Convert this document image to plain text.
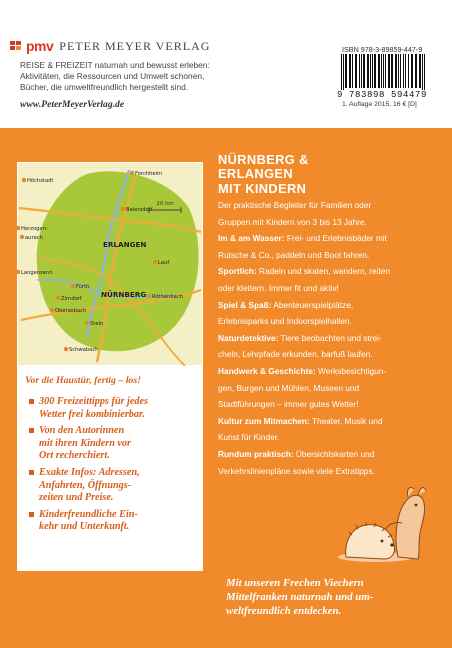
pmv PETER MEYER VERLAG
REISE & FREIZEIT naturnah und bewusst erleben:
Aktivitäten, die Ressourcen und Umwelt schonen,
Bücher, die umweltfreundlich hergestellt sind.
www.PeterMeyerVerlag.de
ISBN 978-3-89859-447-9
9 783898 594479
1. Auflage 2015, 16 € [D]
NÜRNBERG &
ERLANGEN
MIT KINDERN
Der praktische Begleiter für Familien oder
Gruppen mit Kindern von 3 bis 13 Jahre.
Im & am Wasser: Frei- und Erlebnisbäder mit
Rutsche & Co., paddeln und Boot fahren.
Sportlich: Radeln und skaten, wandern, reiten
oder klettern. Immer fit und aktiv!
Spiel & Spaß: Abenteuerspielplätze,
Erlebnisparks und Indoorspielhallen.
Naturdetektive: Tiere beobachten und strei-
cheln, Lehrpfade erkunden, barfuß laufen.
Handwerk & Geschichte: Werksbesichtigun-
gen, Burgen und Mühlen, Museen und
Stadtführungen – immer gutes Wetter!
Kultur zum Mitmachen: Theater, Musik und
Kunst für Kinder.
Rundum praktisch: Übersichtskarten und
Verkehrslinienpläne sowie viele Extratipps.
20 km
Forchheim
Höchstadt
Baiersdorf
Herzogen-
aurach
ERLANGEN
Langenzenn
Lauf
Fürth
NÜRNBERG
Zirndorf	Röthenbach
Oberasbach
Stein
Schwabach
Vor die Haustür, fertig – los!
300 Freizeittipps für jedes
Wetter frei kombinierbar.
Von den Autorinnen
mit ihren Kindern vor
Ort recherchiert.
Exakte Infos: Adressen,
Anfahrten, Öffnungs-
zeiten und Preise.
Kinderfreundliche Ein-
kehr und Unterkunft.
Mit unseren Frechen Viechern
Mittelfranken naturnah und um-
weltfreundlich entdecken.
